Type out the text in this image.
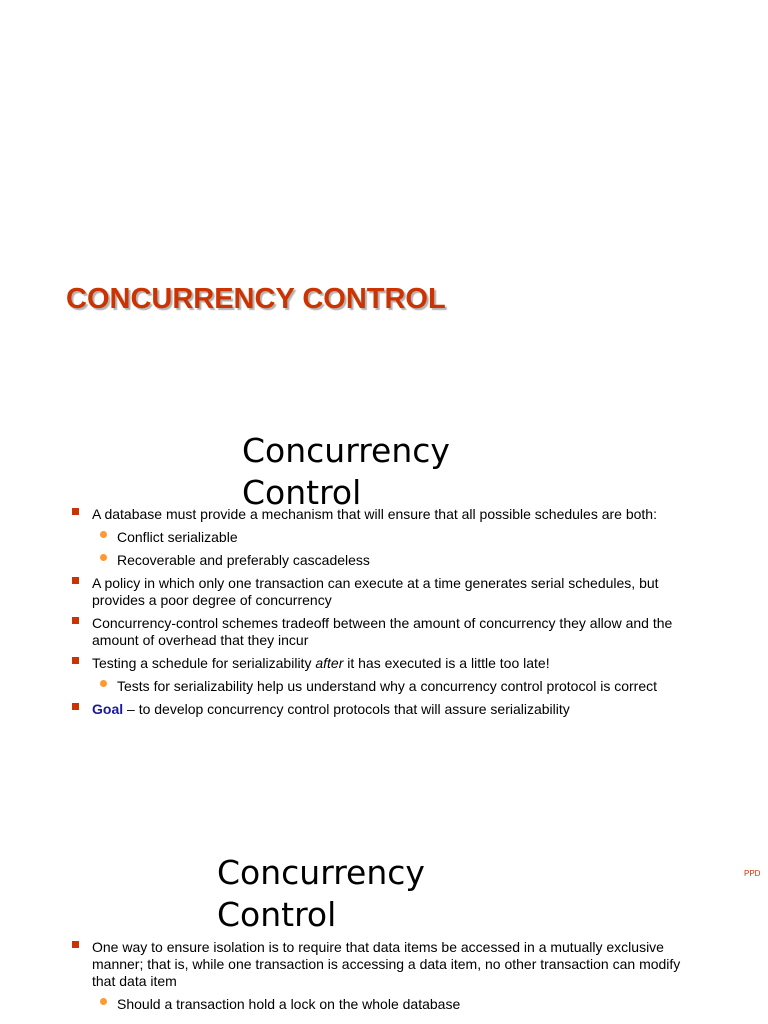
CONCURRENCY CONTROL
Concurrency Control
A database must provide a mechanism that will ensure that all possible schedules are both:
Conflict serializable
Recoverable and preferably cascadeless
A policy in which only one transaction can execute at a time generates serial schedules, but provides a poor degree of concurrency
Concurrency-control schemes tradeoff between the amount of concurrency they allow and the amount of overhead that they incur
Testing a schedule for serializability after it has executed is a little too late!
Tests for serializability help us understand why a concurrency control protocol is correct
Goal – to develop concurrency control protocols that will assure serializability
PPD
Concurrency Control
One way to ensure isolation is to require that data items be accessed in a mutually exclusive manner; that is, while one transaction is accessing a data item, no other transaction can modify that data item
Should a transaction hold a lock on the whole database
